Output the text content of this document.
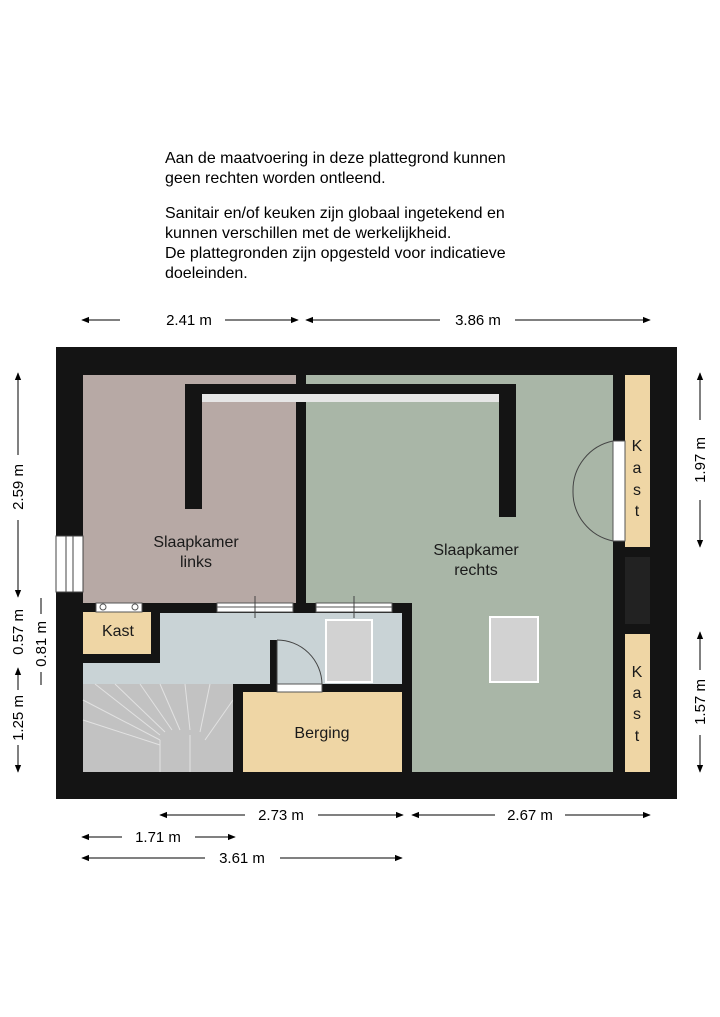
Aan de maatvoering in deze plattegrond kunnen
geen rechten worden ontleend.

Sanitair en/of keuken zijn globaal ingetekend en
kunnen verschillen met de werkelijkheid.
De plattegronden zijn opgesteld voor indicatieve
doeleinden.

Slaapkamer
links
Slaapkamer
rechts
Kast
Berging
K
a
s
t
K
a
s
t
2.41 m	3.86 m
2.59 m
0.57 m 0.81 m
1.25 m
1.97 m
1.57 m
2.73 m	2.67 m
1.71 m
3.61 m
